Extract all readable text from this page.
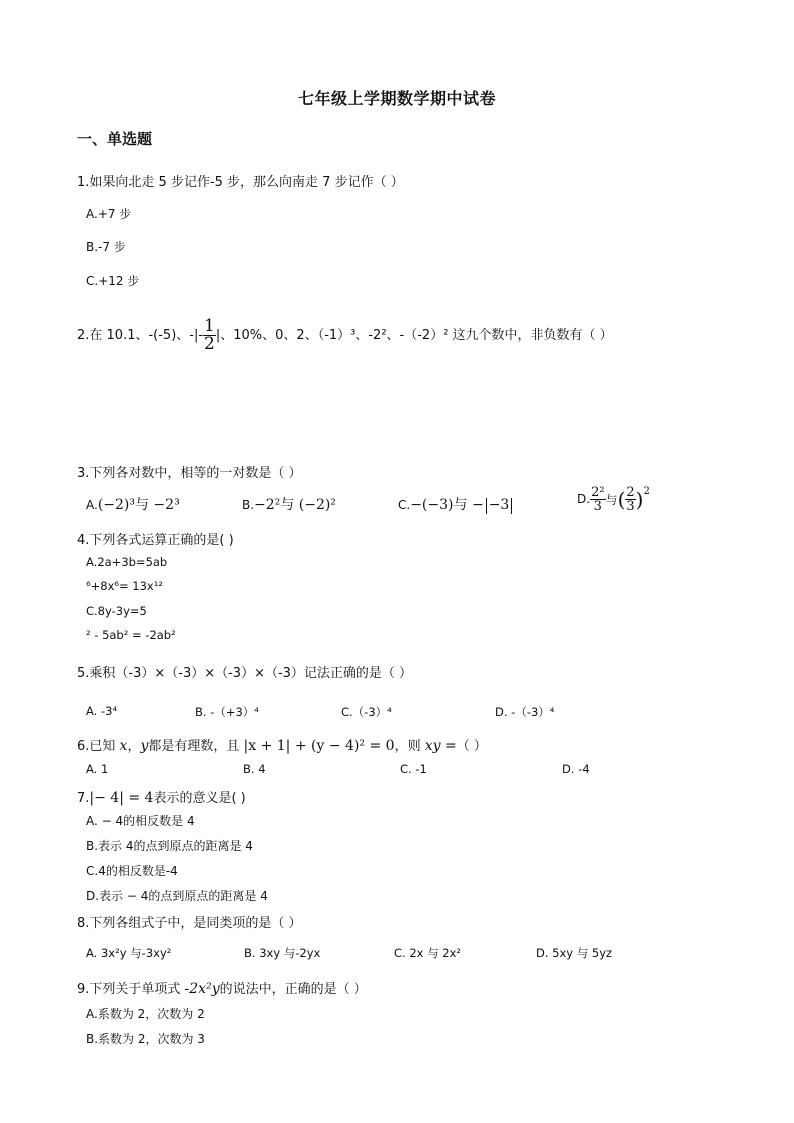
七年级上学期数学期中试卷
一、单选题
1.如果向北走 5 步记作-5 步，那么向南走 7 步记作（ ）
A.+7 步
B.-7 步
C.+12 步
2.在 10.1、-(-5)、-|- $\frac{1}{2}$ |、10%、0、2、（-1）³、-2²、-（-2）² 这九个数中，非负数有（ ）
3.下列各对数中，相等的一对数是（ ）
A.(−2)³与 −2³	B.−2²与 (−2)²	C.−(−3)与 − −3	D. $\frac{\text{2²}}{3}$ 与( $\frac{2}{3} )^2$
4.下列各式运算正确的是( )
A.2a+3b=5ab
⁶+8x⁶= 13x¹²
C.8y-3y=5
² - 5ab² = -2ab²
5.乘积（-3）×（-3）×（-3）×（-3）记法正确的是（ ）
A. -3⁴	B. -（+3）⁴	C.（-3）⁴	D. -（-3）⁴
6.已知 x，y都是有理数，且 |x + 1| + (y − 4)² = 0，则 xy =（ ）
A. 1	B. 4	C. -1	D. -4
7.|− 4| = 4表示的意义是( )
A. − 4的相反数是 4
B.表示 4的点到原点的距离是 4
C.4的相反数是-4
D.表示 − 4的点到原点的距离是 4
8.下列各组式子中，是同类项的是（ ）
A. 3x²y 与-3xy²	B. 3xy 与-2yx	C. 2x 与 2x²	D. 5xy 与 5yz
9.下列关于单项式 -2x²y的说法中，正确的是（ ）
A.系数为 2，次数为 2
B.系数为 2，次数为 3
